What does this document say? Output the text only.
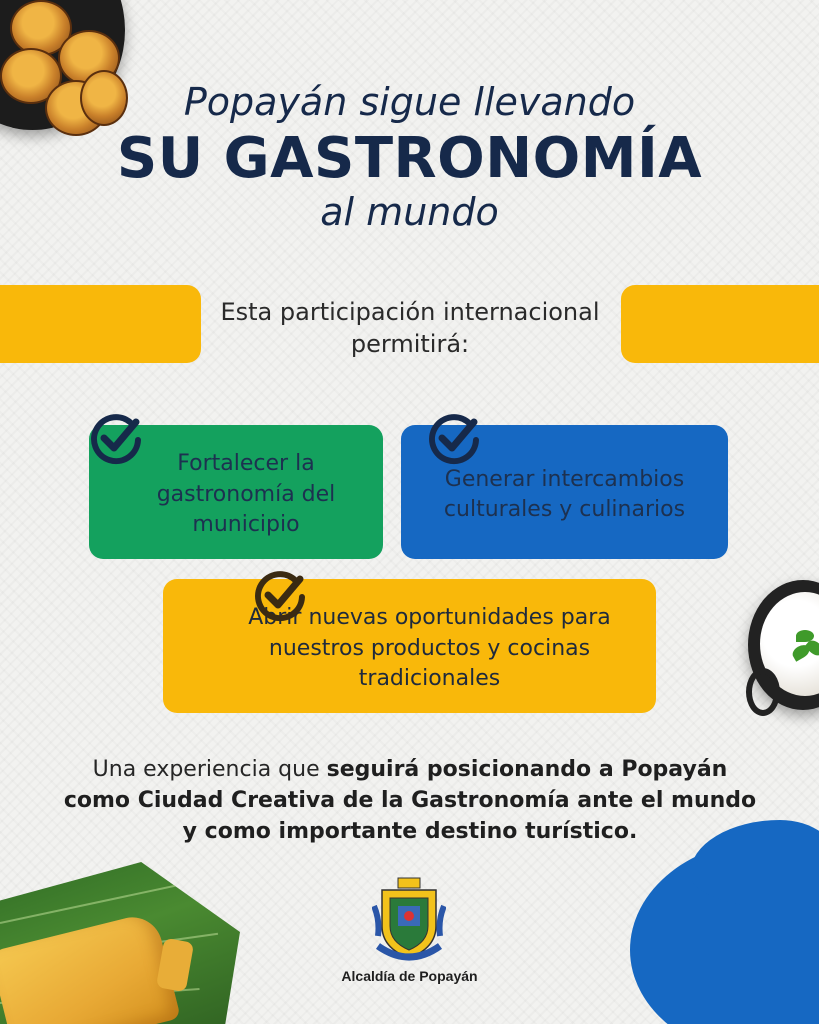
Popayán sigue llevando
SU GASTRONOMÍA
al mundo
Esta participación internacional permitirá:
Fortalecer la gastronomía del municipio
Generar intercambios culturales y culinarios
Abrir nuevas oportunidades para nuestros productos y cocinas tradicionales
Una experiencia que seguirá posicionando a Popayán como Ciudad Creativa de la Gastronomía ante el mundo y como importante destino turístico.
Alcaldía de Popayán
